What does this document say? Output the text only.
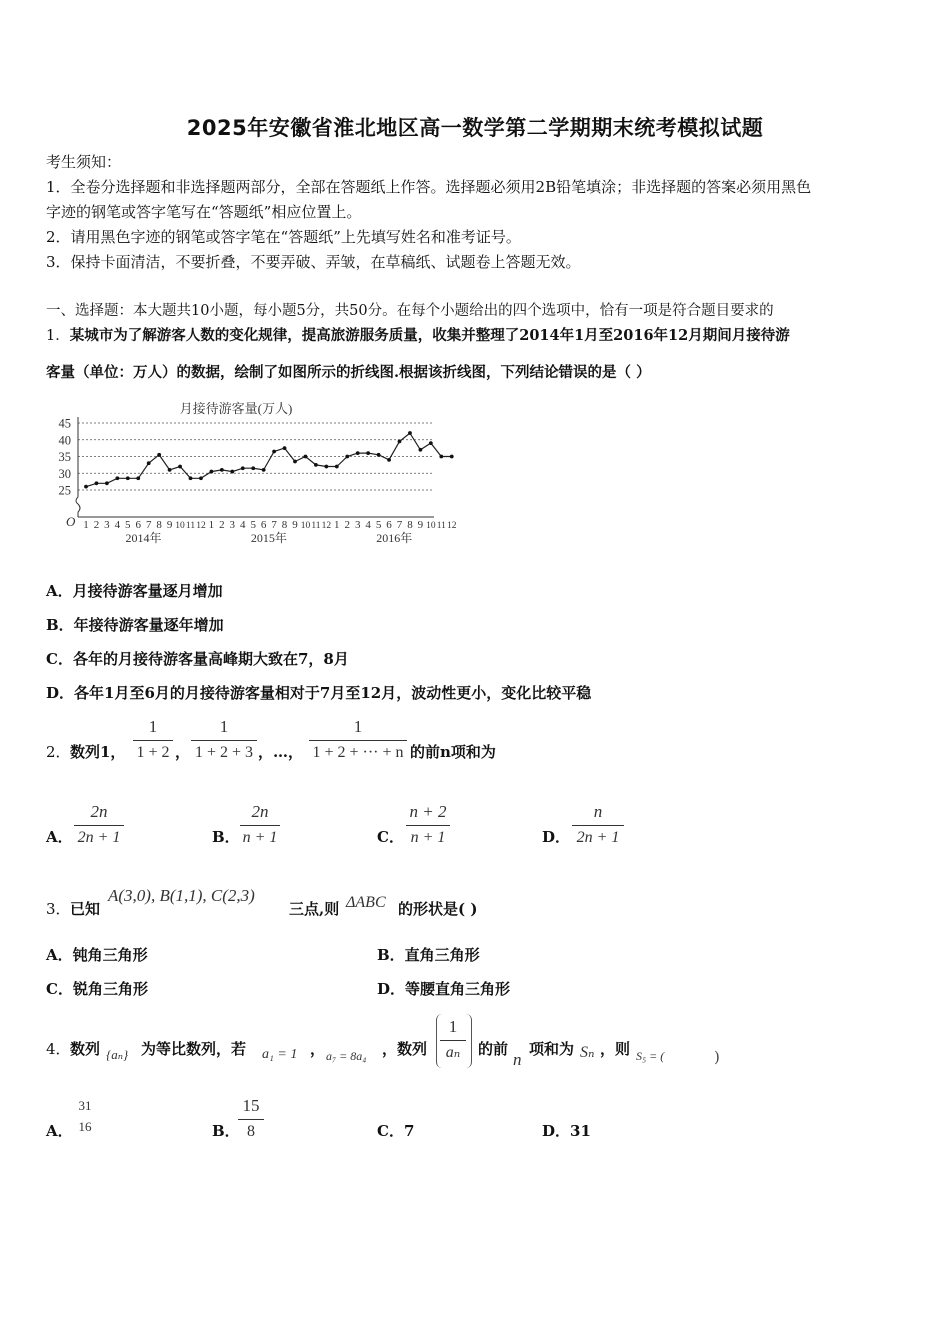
2025年安徽省淮北地区高一数学第二学期期末统考模拟试题
考生须知：
1．全卷分选择题和非选择题两部分，全部在答题纸上作答。选择题必须用2B铅笔填涂；非选择题的答案必须用黑色
字迹的钢笔或答字笔写在“答题纸”相应位置上。
2．请用黑色字迹的钢笔或答字笔在“答题纸”上先填写姓名和准考证号。
3．保持卡面清洁，不要折叠，不要弄破、弄皱，在草稿纸、试题卷上答题无效。
一、选择题：本大题共10小题，每小题5分，共50分。在每个小题给出的四个选项中，恰有一项是符合题目要求的
1．某城市为了解游客人数的变化规律，提高旅游服务质量，收集并整理了2014年1月至2016年12月期间月接待游
客量（单位：万人）的数据，绘制了如图所示的折线图.根据该折线图，下列结论错误的是（ ）
月接待游客量(万人)
25
30
35
40
45
1 2 3 4 5 6 7 8 9 10 11 12 1 2 3 4 5 6 7 8 9 10 11 12 1 2 3 4 5 6 7 8 9 10 11 12
2014年	2015年	2016年
O
A．月接待游客量逐月增加
B．年接待游客量逐年增加
C．各年的月接待游客量高峰期大致在7，8月
D．各年1月至6月的月接待游客量相对于7月至12月，波动性更小，变化比较平稳
2． 数列1，
1
1 + 2 ，
1
1 + 2 + 3 ，…，
1
1 + 2 + ··· + n 的前n项和为
A．
2n
2n + 1	B．
2n
n + 1	C．
n + 2
n + 1	D．
n
2n + 1
3． 已知
A(3,0), B(1,1), C(2,3)
三点,则 ΔABC 的形状是( )
A．钝角三角形	B．直角三角形
C．锐角三角形	D．等腰直角三角形
4． 数列 {aₙ} 为等比数列，若 a₁ = 1 ， a₇ = 8a₄ ，数列
1
aₙ	的前
n
项和为 Sₙ ，则 S₅ = (	)
A．
31
16	B．
15
8	C．7	D．31
